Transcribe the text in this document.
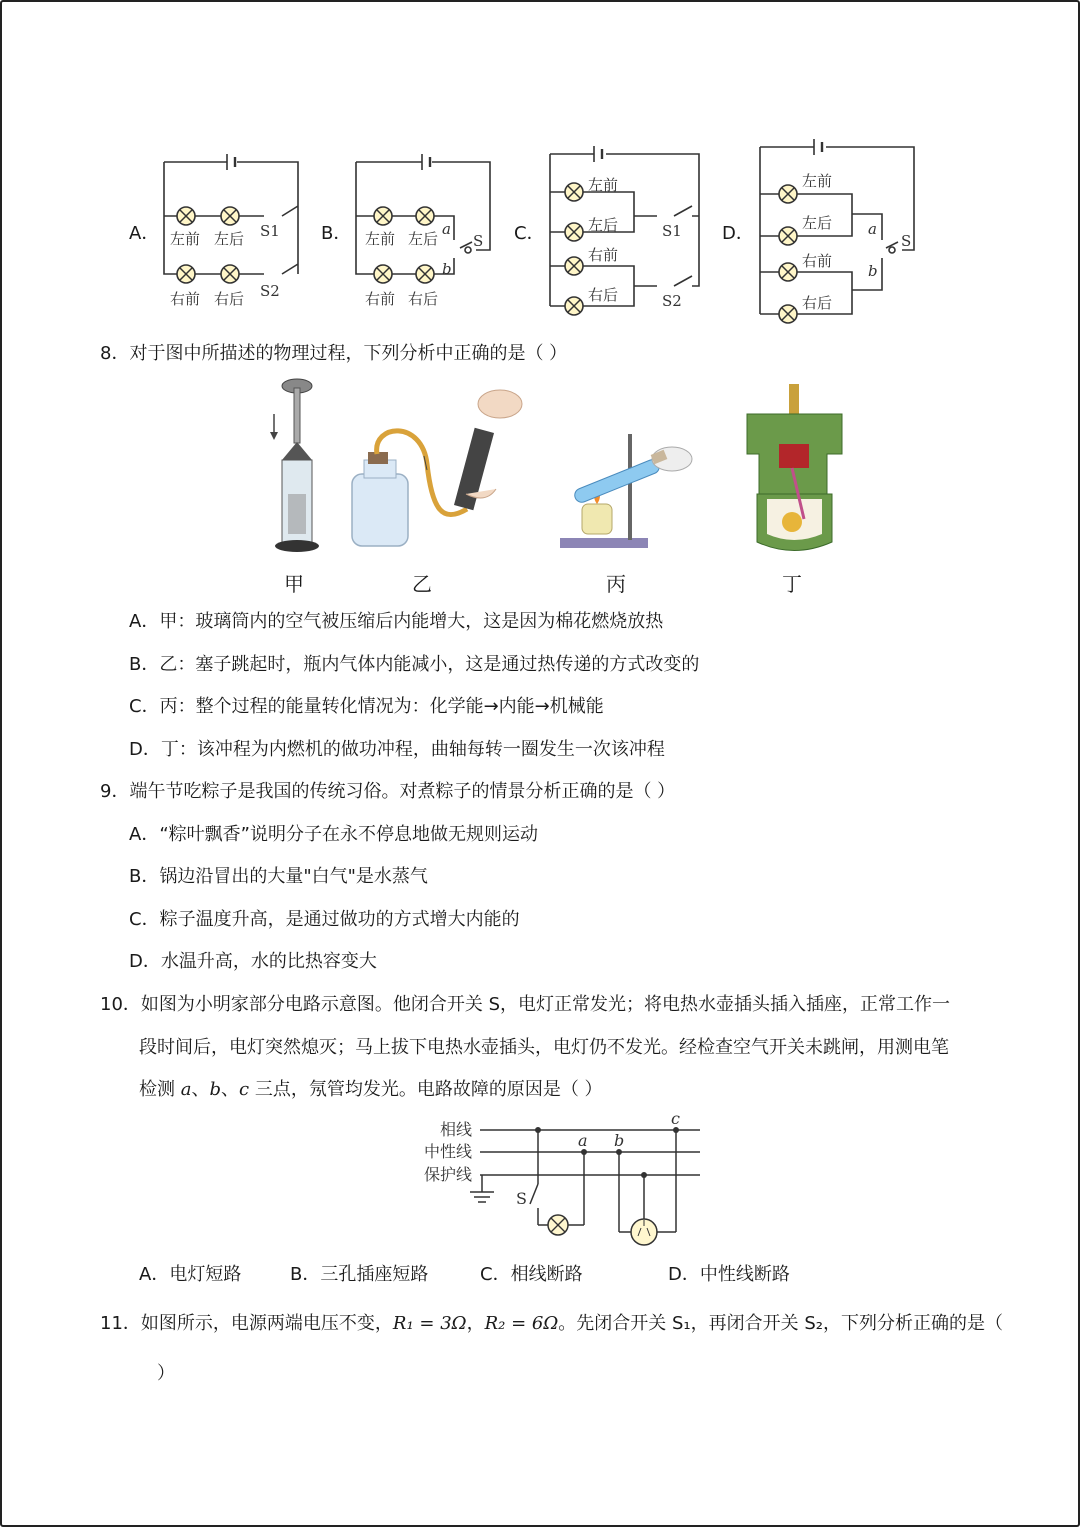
左前 左后
右前 右后
S1
S2
左前 左后
右前 右后
S
a
b
左前
左后
右前
右后
S1
S2
左前
左后
右前
右后
S
a
b
A．	B．	C．	D．
8．对于图中所描述的物理过程，下列分析中正确的是（ ）
甲	乙	丙	丁
A．甲：玻璃筒内的空气被压缩后内能增大，这是因为棉花燃烧放热
B．乙：塞子跳起时，瓶内气体内能减小，这是通过热传递的方式改变的
C．丙：整个过程的能量转化情况为：化学能→内能→机械能
D．丁：该冲程为内燃机的做功冲程，曲轴每转一圈发生一次该冲程
9．端午节吃粽子是我国的传统习俗。对煮粽子的情景分析正确的是（ ）
A．“粽叶飘香”说明分子在永不停息地做无规则运动
B．锅边沿冒出的大量"白气"是水蒸气
C．粽子温度升高，是通过做功的方式增大内能的
D．水温升高，水的比热容变大
10．如图为小明家部分电路示意图。他闭合开关 S，电灯正常发光；将电热水壶插头插入插座，正常工作一
段时间后，电灯突然熄灭；马上拔下电热水壶插头，电灯仍不发光。经检查空气开关未跳闸，用测电笔
检测 a、b、c 三点，氖管均发光。电路故障的原因是（ ）
相线
中性线
保护线
S
a b
c
A．电灯短路	B．三孔插座短路	C．相线断路	D．中性线断路
11．如图所示，电源两端电压不变，R₁ = 3Ω，R₂ = 6Ω。先闭合开关 S₁，再闭合开关 S₂，下列分析正确的是（
）
